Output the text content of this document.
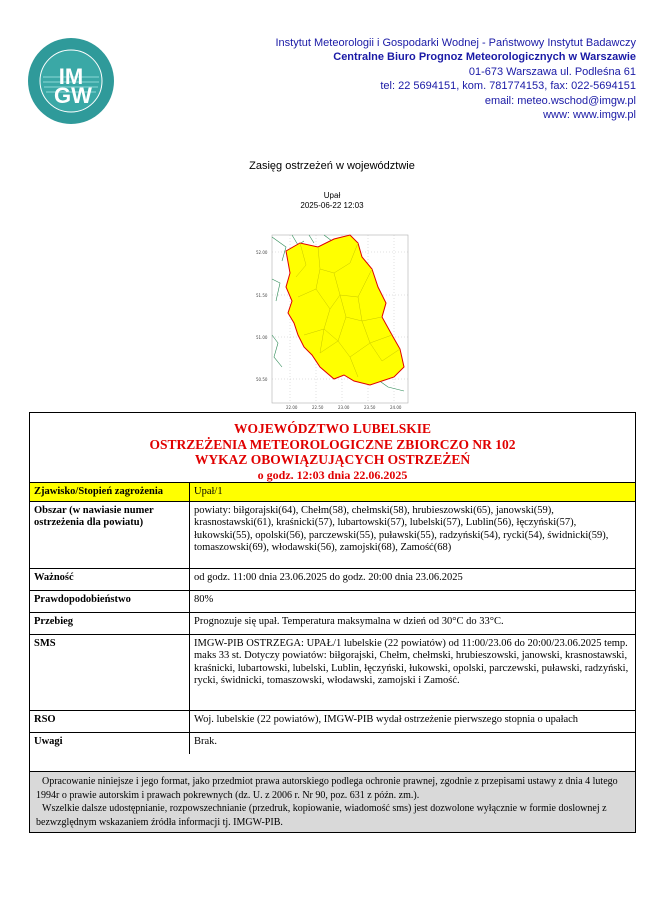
IM
GW
Instytut Meteorologii i Gospodarki Wodnej - Państwowy Instytut Badawczy
Centralne Biuro Prognoz Meteorologicznych w Warszawie
01-673 Warszawa ul. Podleśna 61
tel: 22 5694151, kom. 781774153, fax: 022-5694151
email: meteo.wschod@imgw.pl
www: www.imgw.pl
Zasięg ostrzeżeń w województwie
Upał
2025-06-22 12:03
52.00
51.50
51.00
50.50
22.00	22.50	23.00	23.50	24.00
WOJEWÓDZTWO LUBELSKIE
OSTRZEŻENIA METEOROLOGICZNE ZBIORCZO NR 102
WYKAZ OBOWIĄZUJĄCYCH OSTRZEŻEŃ
o godz. 12:03 dnia 22.06.2025
Zjawisko/Stopień zagrożenia	Upał/1
Obszar (w nawiasie numer ostrzeżenia dla powiatu)	powiaty: biłgorajski(64), Chełm(58), chełmski(58), hrubieszowski(65), janowski(59), krasnostawski(61), kraśnicki(57), lubartowski(57), lubelski(57), Lublin(56), łęczyński(57), łukowski(55), opolski(56), parczewski(55), puławski(55), radzyński(54), rycki(54), świdnicki(59), tomaszowski(69), włodawski(56), zamojski(68), Zamość(68)
Ważność	od godz. 11:00 dnia 23.06.2025 do godz. 20:00 dnia 23.06.2025
Prawdopodobieństwo	80%
Przebieg	Prognozuje się upał. Temperatura maksymalna w dzień od 30°C do 33°C.
SMS	IMGW-PIB OSTRZEGA: UPAŁ/1 lubelskie (22 powiatów) od 11:00/23.06 do 20:00/23.06.2025 temp. maks 33 st. Dotyczy powiatów: biłgorajski, Chełm, chełmski, hrubieszowski, janowski, krasnostawski, kraśnicki, lubartowski, lubelski, Lublin, łęczyński, łukowski, opolski, parczewski, puławski, radzyński, rycki, świdnicki, tomaszowski, włodawski, zamojski i Zamość.
RSO	Woj. lubelskie (22 powiatów), IMGW-PIB wydał ostrzeżenie pierwszego stopnia o upałach
Uwagi	Brak.
Opracowanie niniejsze i jego format, jako przedmiot prawa autorskiego podlega ochronie prawnej, zgodnie z przepisami ustawy z dnia 4 lutego 1994r o prawie autorskim i prawach pokrewnych (dz. U. z 2006 r. Nr 90, poz. 631 z późn. zm.).
Wszelkie dalsze udostępnianie, rozpowszechnianie (przedruk, kopiowanie, wiadomość sms) jest dozwolone wyłącznie w formie doslownej z bezwzględnym wskazaniem źródła informacji tj. IMGW-PIB.
